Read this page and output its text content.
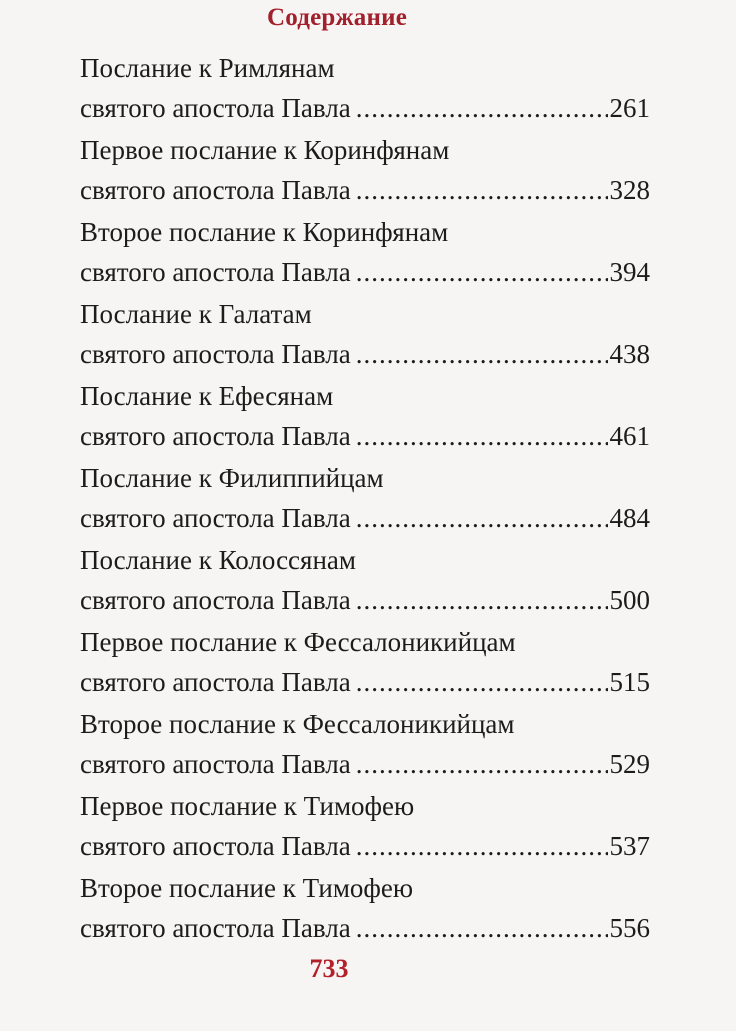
Содержание
Послание к Римлянам
святого апостола Павла .....	261
Первое послание к Коринфянам
святого апостола Павла .....	328
Второе послание к Коринфянам
святого апостола Павла .....	394
Послание к Галатам
святого апостола Павла .....	438
Послание к Ефесянам
святого апостола Павла .....	461
Послание к Филиппийцам
святого апостола Павла .....	484
Послание к Колоссянам
святого апостола Павла .....	500
Первое послание к Фессалоникийцам
святого апостола Павла .....	515
Второе послание к Фессалоникийцам
святого апостола Павла .....	529
Первое послание к Тимофею
святого апостола Павла .....	537
Второе послание к Тимофею
святого апостола Павла .....	556
733
